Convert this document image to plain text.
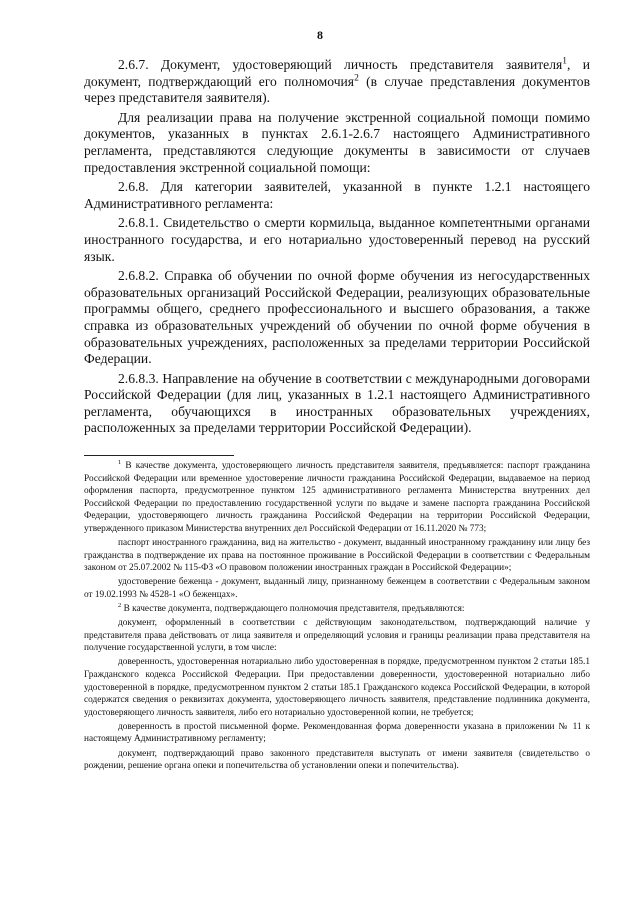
8

2.6.7. Документ, удостоверяющий личность представителя заявителя$^1$, и документ, подтверждающий его полномочия$^2$ (в случае представления документов через представителя заявителя).

Для реализации права на получение экстренной социальной помощи помимо документов, указанных в пунктах 2.6.1-2.6.7 настоящего Административного регламента, представляются следующие документы в зависимости от случаев предоставления экстренной социальной помощи:

2.6.8. Для категории заявителей, указанной в пункте 1.2.1 настоящего Административного регламента:

2.6.8.1. Свидетельство о смерти кормильца, выданное компетентными органами иностранного государства, и его нотариально удостоверенный перевод на русский язык.

2.6.8.2. Справка об обучении по очной форме обучения из негосударственных образовательных организаций Российской Федерации, реализующих образовательные программы общего, среднего профессионального и высшего образования, а также справка из образовательных учреждений об обучении по очной форме обучения в образовательных учреждениях, расположенных за пределами территории Российской Федерации.

2.6.8.3. Направление на обучение в соответствии с международными договорами Российской Федерации (для лиц, указанных в 1.2.1 настоящего Административного регламента, обучающихся в иностранных образовательных учреждениях, расположенных за пределами территории Российской Федерации).

$^1$ В качестве документа, удостоверяющего личность представителя заявителя, предъявляется: паспорт гражданина Российской Федерации или временное удостоверение личности гражданина Российской Федерации, выдаваемое на период оформления паспорта, предусмотренное пунктом 125 административного регламента Министерства внутренних дел Российской Федерации по предоставлению государственной услуги по выдаче и замене паспорта гражданина Российской Федерации, удостоверяющего личность гражданина Российской Федерации на территории Российской Федерации, утвержденного приказом Министерства внутренних дел Российской Федерации от 16.11.2020 № 773;

паспорт иностранного гражданина, вид на жительство - документ, выданный иностранному гражданину или лицу без гражданства в подтверждение их права на постоянное проживание в Российской Федерации в соответствии с Федеральным законом от 25.07.2002 № 115-ФЗ «О правовом положении иностранных граждан в Российской Федерации»;

удостоверение беженца - документ, выданный лицу, признанному беженцем в соответствии с Федеральным законом от 19.02.1993 № 4528-1 «О беженцах».

$^2$ В качестве документа, подтверждающего полномочия представителя, предъявляются:

документ, оформленный в соответствии с действующим законодательством, подтверждающий наличие у представителя права действовать от лица заявителя и определяющий условия и границы реализации права представителя на получение государственной услуги, в том числе:

доверенность, удостоверенная нотариально либо удостоверенная в порядке, предусмотренном пунктом 2 статьи 185.1 Гражданского кодекса Российской Федерации. При предоставлении доверенности, удостоверенной нотариально либо удостоверенной в порядке, предусмотренном пунктом 2 статьи 185.1 Гражданского кодекса Российской Федерации, в которой содержатся сведения о реквизитах документа, удостоверяющего личность заявителя, представление подлинника документа, удостоверяющего личность заявителя, либо его нотариально удостоверенной копии, не требуется;

доверенность в простой письменной форме. Рекомендованная форма доверенности указана в приложении № 11 к настоящему Административному регламенту;

документ, подтверждающий право законного представителя выступать от имени заявителя (свидетельство о рождении, решение органа опеки и попечительства об установлении опеки и попечительства).
